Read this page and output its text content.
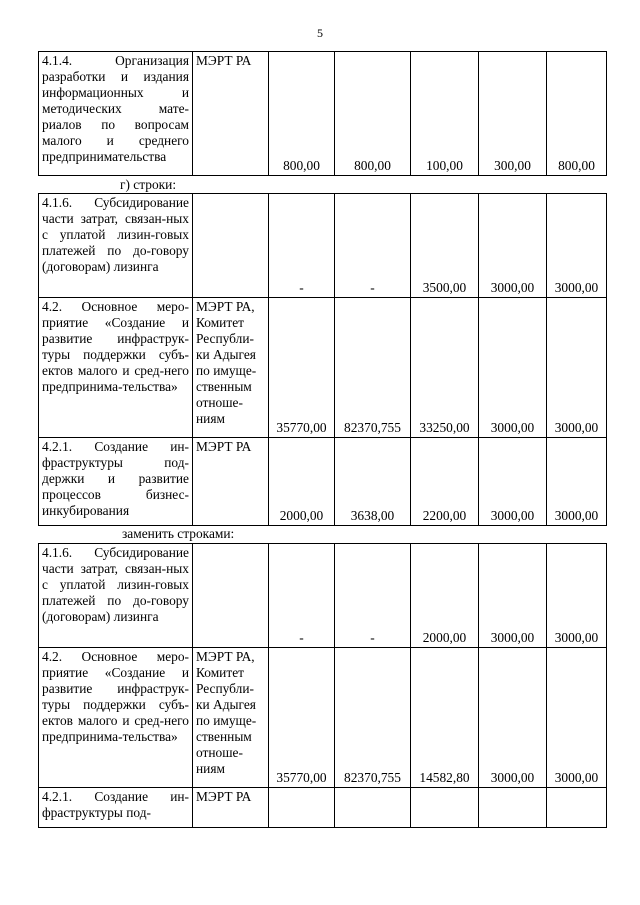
5
4.1.4. Организация разработки и издания информационных и методических мате-риалов по вопросам малого и среднего предпринимательства	МЭРТ РА	800,00	800,00	100,00	300,00	800,00
г) строки:
4.1.6. Субсидирование части затрат, связан-ных с уплатой лизин-говых платежей по до-говору (договорам) лизинга		-	-	3500,00	3000,00	3000,00
4.2. Основное меро-приятие «Создание и развитие инфраструк-туры поддержки субъ-ектов малого и сред-него предпринима-тельства»	МЭРТ РА, Комитет Республи-ки Адыгея по имуще-ственным отноше-ниям	35770,00	82370,755	33250,00	3000,00	3000,00
4.2.1. Создание ин-фраструктуры под-держки и развитие процессов бизнес-инкубирования	МЭРТ РА	2000,00	3638,00	2200,00	3000,00	3000,00
заменить строками:
4.1.6. Субсидирование части затрат, связан-ных с уплатой лизин-говых платежей по до-говору (договорам) лизинга		-	-	2000,00	3000,00	3000,00
4.2. Основное меро-приятие «Создание и развитие инфраструк-туры поддержки субъ-ектов малого и сред-него предпринима-тельства»	МЭРТ РА, Комитет Республи-ки Адыгея по имуще-ственным отноше-ниям	35770,00	82370,755	14582,80	3000,00	3000,00
4.2.1. Создание ин-фраструктуры под-	МЭРТ РА					
